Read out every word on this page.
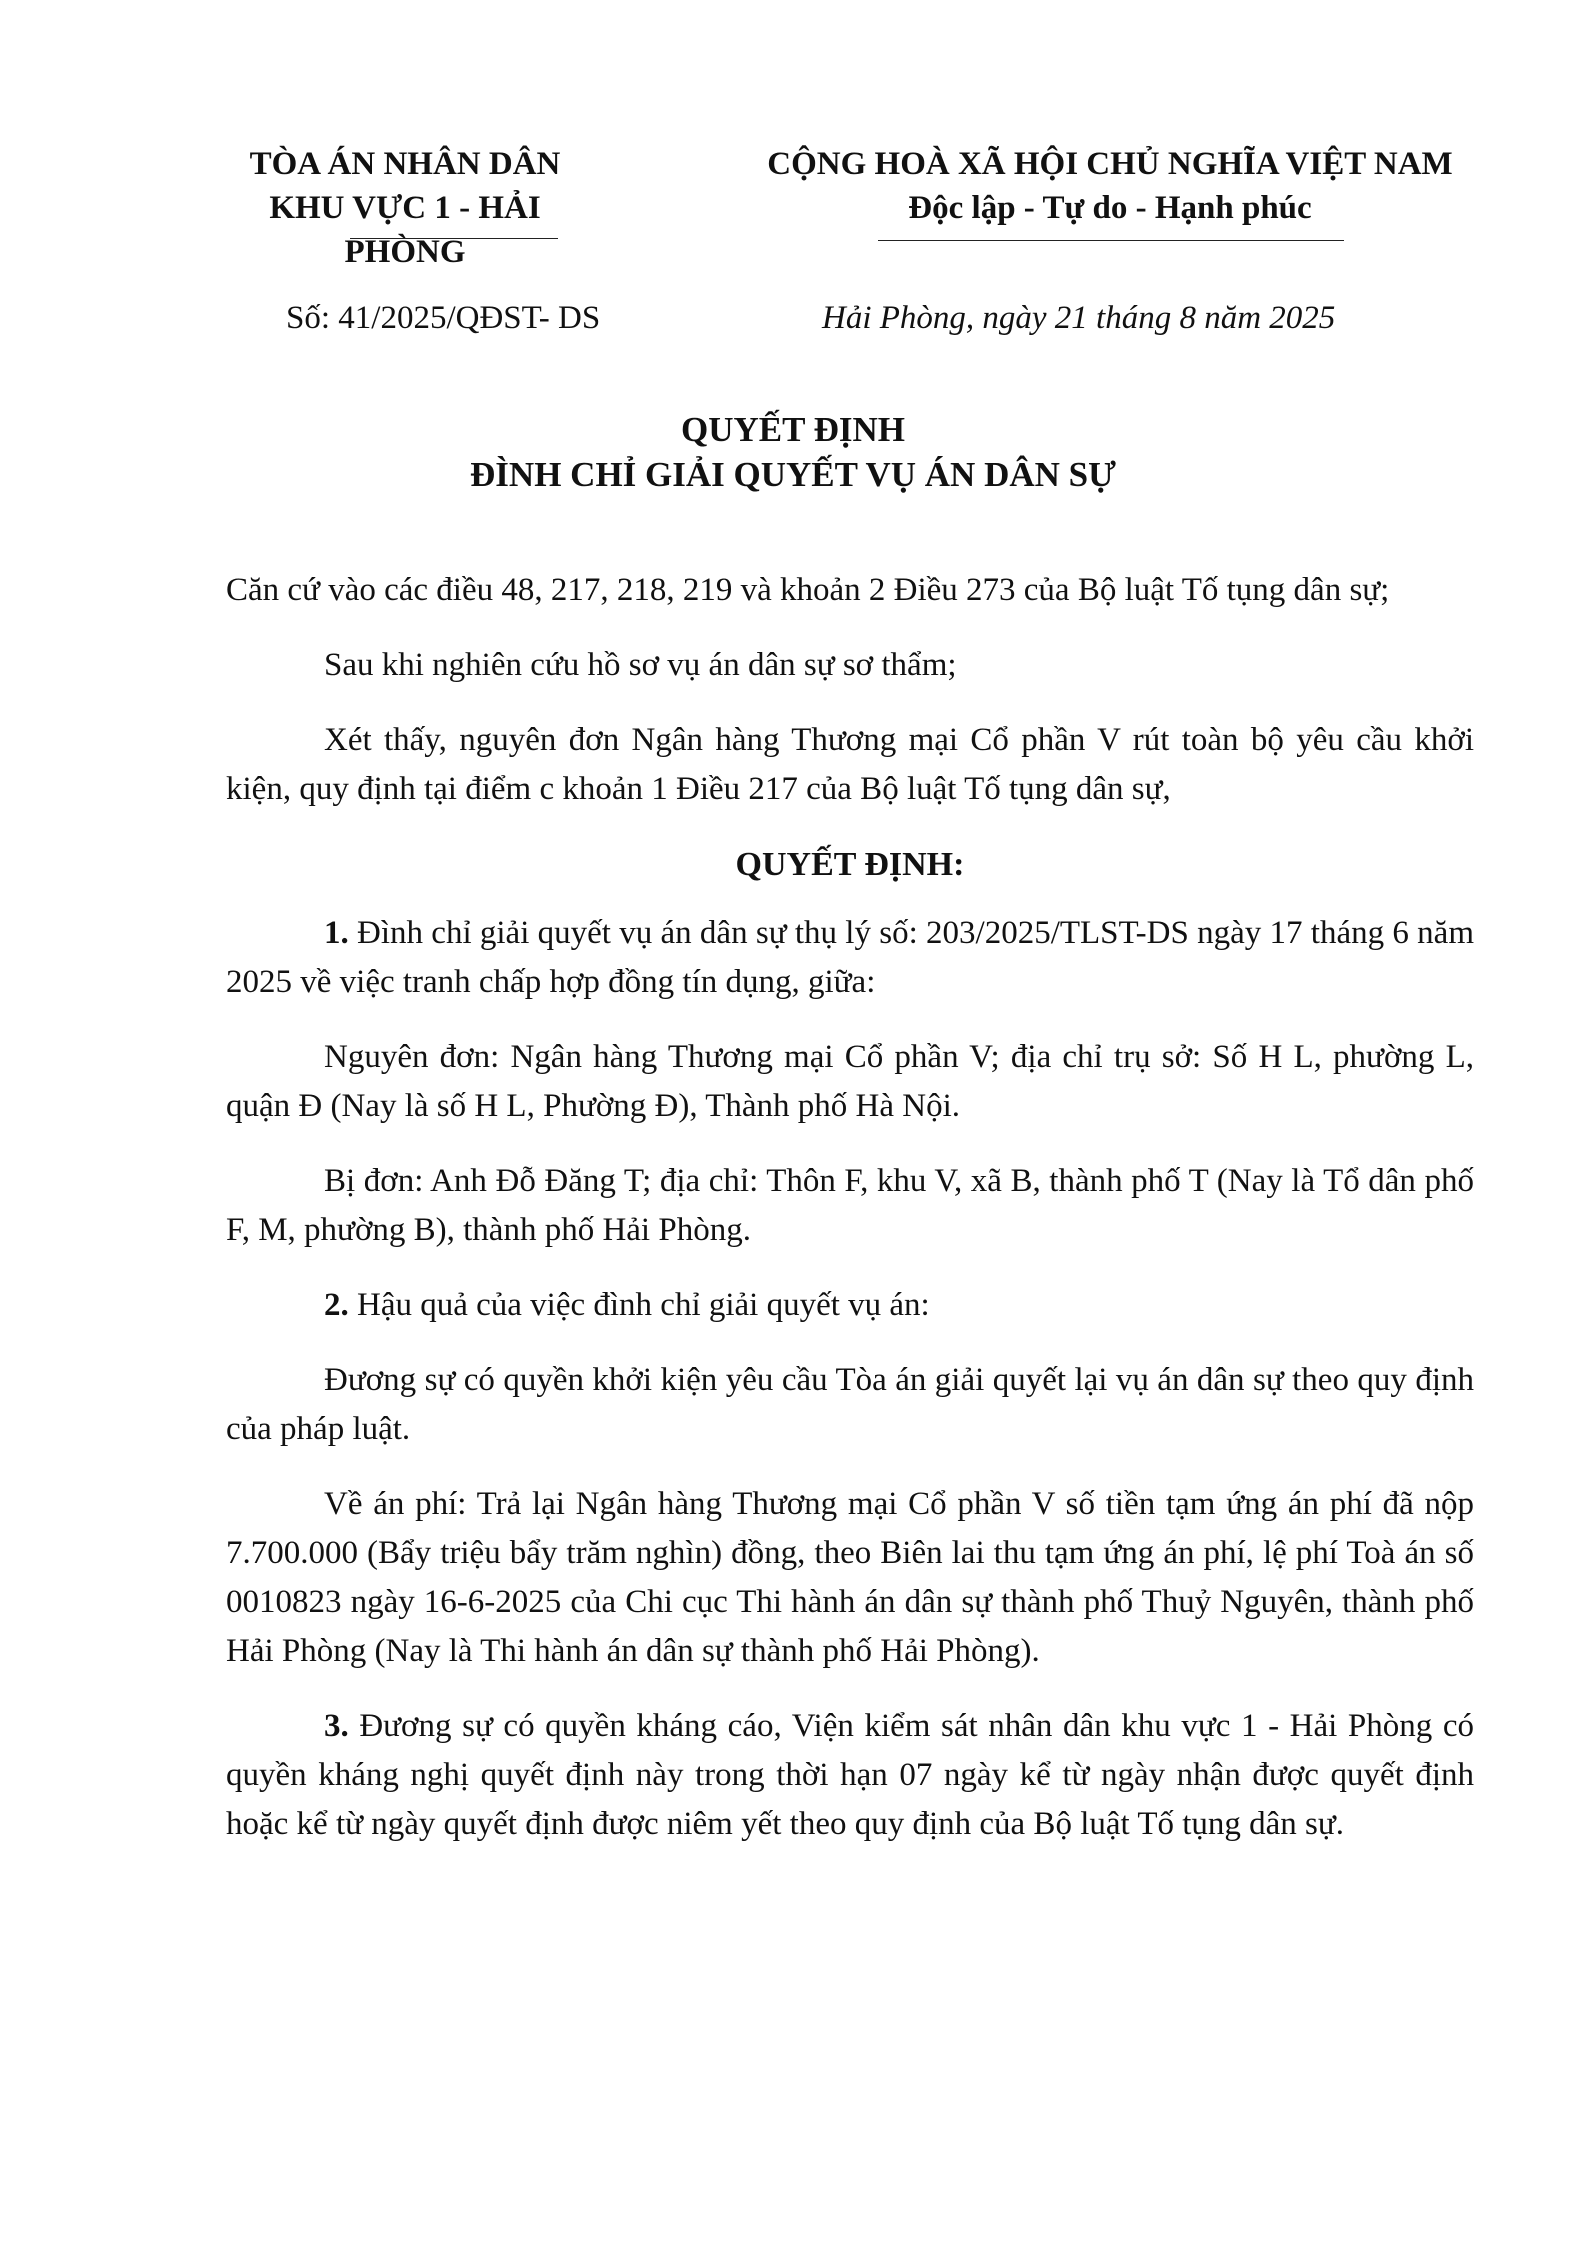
TÒA ÁN NHÂN DÂN
KHU VỰC 1 - HẢI PHÒNG
CỘNG HOÀ XÃ HỘI CHỦ NGHĨA VIỆT NAM
Độc lập - Tự do - Hạnh phúc
Số: 41/2025/QĐST- DS	Hải Phòng, ngày 21 tháng 8 năm 2025
QUYẾT ĐỊNH
ĐÌNH CHỈ GIẢI QUYẾT VỤ ÁN DÂN SỰ

Căn cứ vào các điều 48, 217, 218, 219 và khoản 2 Điều 273 của Bộ luật Tố tụng dân sự;

Sau khi nghiên cứu hồ sơ vụ án dân sự sơ thẩm;

Xét thấy, nguyên đơn Ngân hàng Thương mại Cổ phần V rút toàn bộ yêu cầu khởi kiện, quy định tại điểm c khoản 1 Điều 217 của Bộ luật Tố tụng dân sự,

QUYẾT ĐỊNH:

1. Đình chỉ giải quyết vụ án dân sự thụ lý số: 203/2025/TLST-DS ngày 17 tháng 6 năm 2025 về việc tranh chấp hợp đồng tín dụng, giữa:

Nguyên đơn: Ngân hàng Thương mại Cổ phần V; địa chỉ trụ sở: Số H L, phường L, quận Đ (Nay là số H L, Phường Đ), Thành phố Hà Nội.

Bị đơn: Anh Đỗ Đăng T; địa chỉ: Thôn F, khu V, xã B, thành phố T (Nay là Tổ dân phố F, M, phường B), thành phố Hải Phòng.

2. Hậu quả của việc đình chỉ giải quyết vụ án:

Đương sự có quyền khởi kiện yêu cầu Tòa án giải quyết lại vụ án dân sự theo quy định của pháp luật.

Về án phí: Trả lại Ngân hàng Thương mại Cổ phần V số tiền tạm ứng án phí đã nộp 7.700.000 (Bẩy triệu bẩy trăm nghìn) đồng, theo Biên lai thu tạm ứng án phí, lệ phí Toà án số 0010823 ngày 16-6-2025 của Chi cục Thi hành án dân sự thành phố Thuỷ Nguyên, thành phố Hải Phòng (Nay là Thi hành án dân sự thành phố Hải Phòng).

3. Đương sự có quyền kháng cáo, Viện kiểm sát nhân dân khu vực 1 - Hải Phòng có quyền kháng nghị quyết định này trong thời hạn 07 ngày kể từ ngày nhận được quyết định hoặc kể từ ngày quyết định được niêm yết theo quy định của Bộ luật Tố tụng dân sự.
